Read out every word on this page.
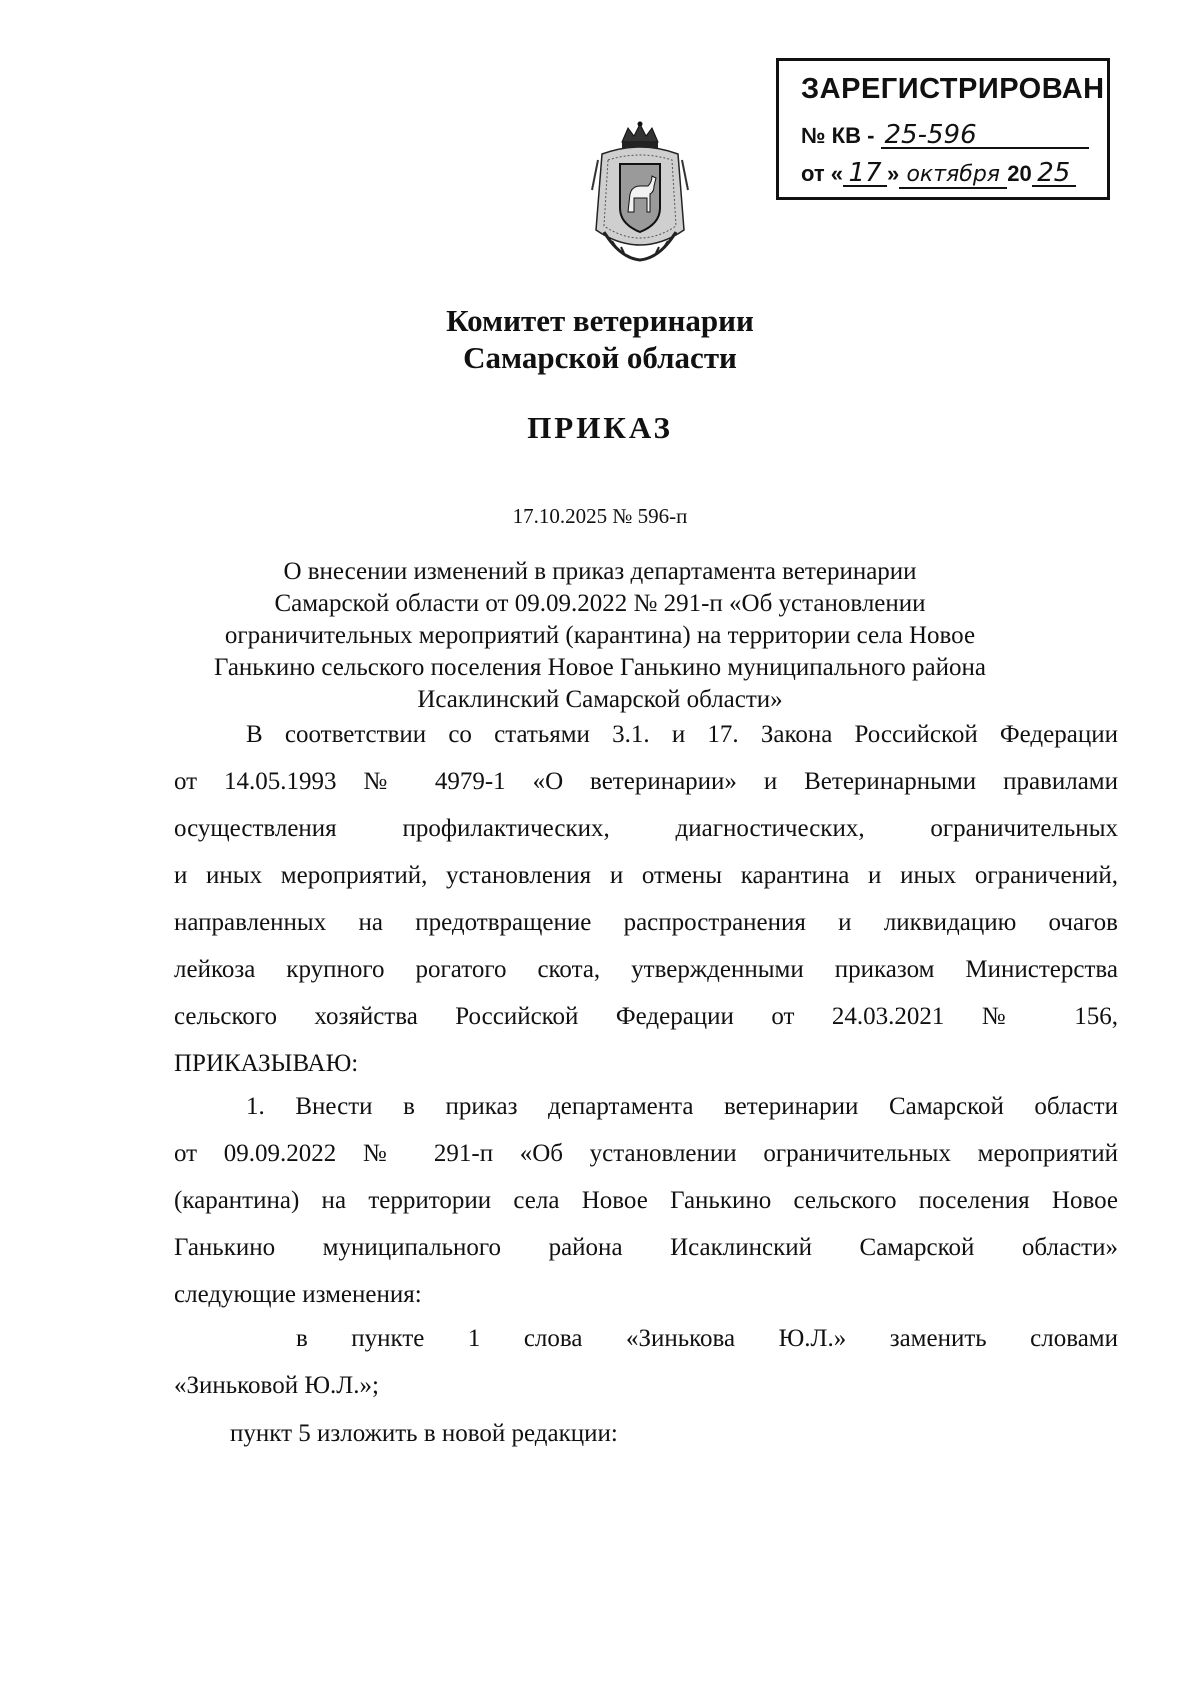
ЗАРЕГИСТРИРОВАН
№ КВ - 25-596
от « 17 » октября 20 25
Комитет ветеринарии
Самарской области
ПРИКАЗ
17.10.2025 № 596-п
О внесении изменений в приказ департамента ветеринарии
Самарской области от 09.09.2022 № 291-п «Об установлении
ограничительных мероприятий (карантина) на территории села Новое
Ганькино сельского поселения Новое Ганькино муниципального района
Исаклинский Самарской области»
В соответствии со статьями 3.1. и 17. Закона Российской Федерации
от 14.05.1993 № 4979-1 «О ветеринарии» и Ветеринарными правилами
осуществления профилактических, диагностических, ограничительных
и иных мероприятий, установления и отмены карантина и иных ограничений,
направленных на предотвращение распространения и ликвидацию очагов
лейкоза крупного рогатого скота, утвержденными приказом Министерства
сельского хозяйства Российской Федерации от 24.03.2021 № 156,
ПРИКАЗЫВАЮ:
1. Внести в приказ департамента ветеринарии Самарской области
от 09.09.2022 № 291-п «Об установлении ограничительных мероприятий
(карантина) на территории села Новое Ганькино сельского поселения Новое
Ганькино муниципального района Исаклинский Самарской области»
следующие изменения:
в пункте 1 слова «Зинькова Ю.Л.» заменить словами
«Зиньковой Ю.Л.»;
пункт 5 изложить в новой редакции:
